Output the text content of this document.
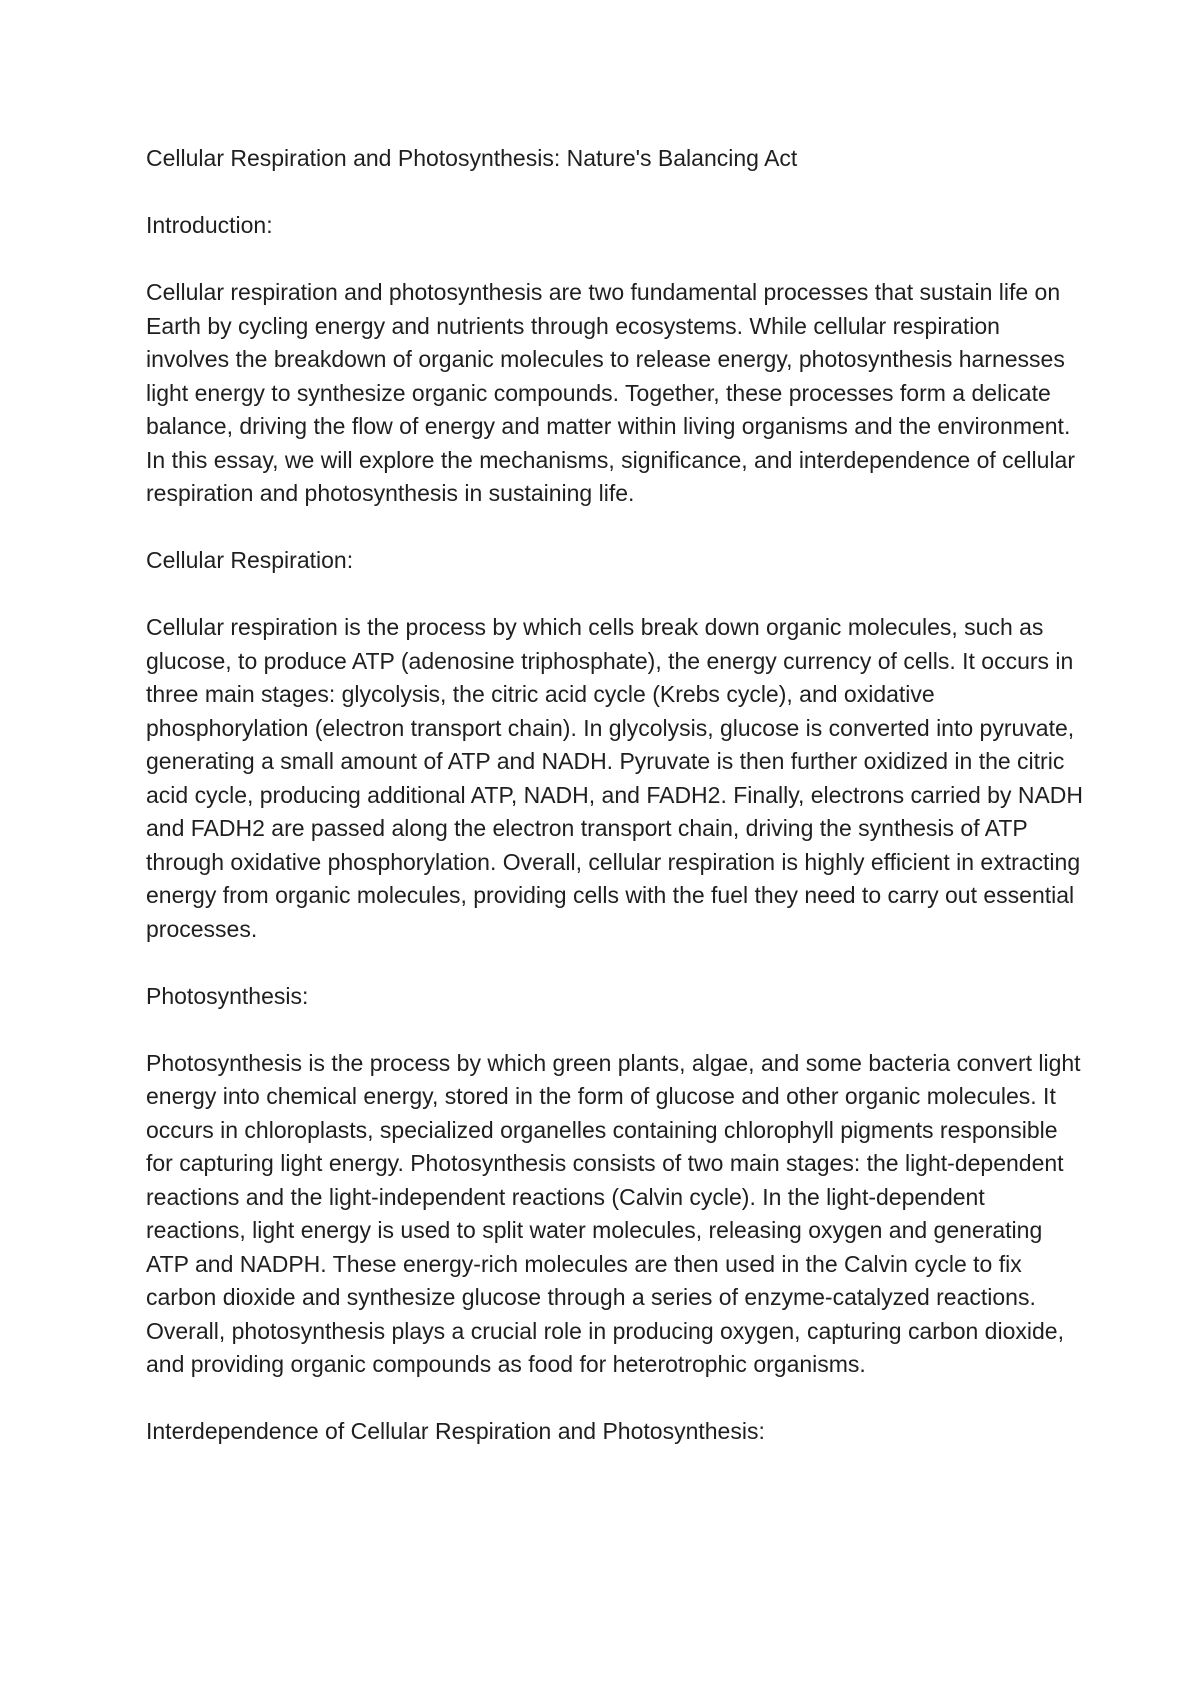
Cellular Respiration and Photosynthesis: Nature's Balancing Act

Introduction:

Cellular respiration and photosynthesis are two fundamental processes that sustain life on Earth by cycling energy and nutrients through ecosystems. While cellular respiration involves the breakdown of organic molecules to release energy, photosynthesis harnesses light energy to synthesize organic compounds. Together, these processes form a delicate balance, driving the flow of energy and matter within living organisms and the environment. In this essay, we will explore the mechanisms, significance, and interdependence of cellular respiration and photosynthesis in sustaining life.

Cellular Respiration:

Cellular respiration is the process by which cells break down organic molecules, such as glucose, to produce ATP (adenosine triphosphate), the energy currency of cells. It occurs in three main stages: glycolysis, the citric acid cycle (Krebs cycle), and oxidative phosphorylation (electron transport chain). In glycolysis, glucose is converted into pyruvate, generating a small amount of ATP and NADH. Pyruvate is then further oxidized in the citric acid cycle, producing additional ATP, NADH, and FADH2. Finally, electrons carried by NADH and FADH2 are passed along the electron transport chain, driving the synthesis of ATP through oxidative phosphorylation. Overall, cellular respiration is highly efficient in extracting energy from organic molecules, providing cells with the fuel they need to carry out essential processes.

Photosynthesis:

Photosynthesis is the process by which green plants, algae, and some bacteria convert light energy into chemical energy, stored in the form of glucose and other organic molecules. It occurs in chloroplasts, specialized organelles containing chlorophyll pigments responsible for capturing light energy. Photosynthesis consists of two main stages: the light-dependent reactions and the light-independent reactions (Calvin cycle). In the light-dependent reactions, light energy is used to split water molecules, releasing oxygen and generating ATP and NADPH. These energy-rich molecules are then used in the Calvin cycle to fix carbon dioxide and synthesize glucose through a series of enzyme-catalyzed reactions. Overall, photosynthesis plays a crucial role in producing oxygen, capturing carbon dioxide, and providing organic compounds as food for heterotrophic organisms.

Interdependence of Cellular Respiration and Photosynthesis:
